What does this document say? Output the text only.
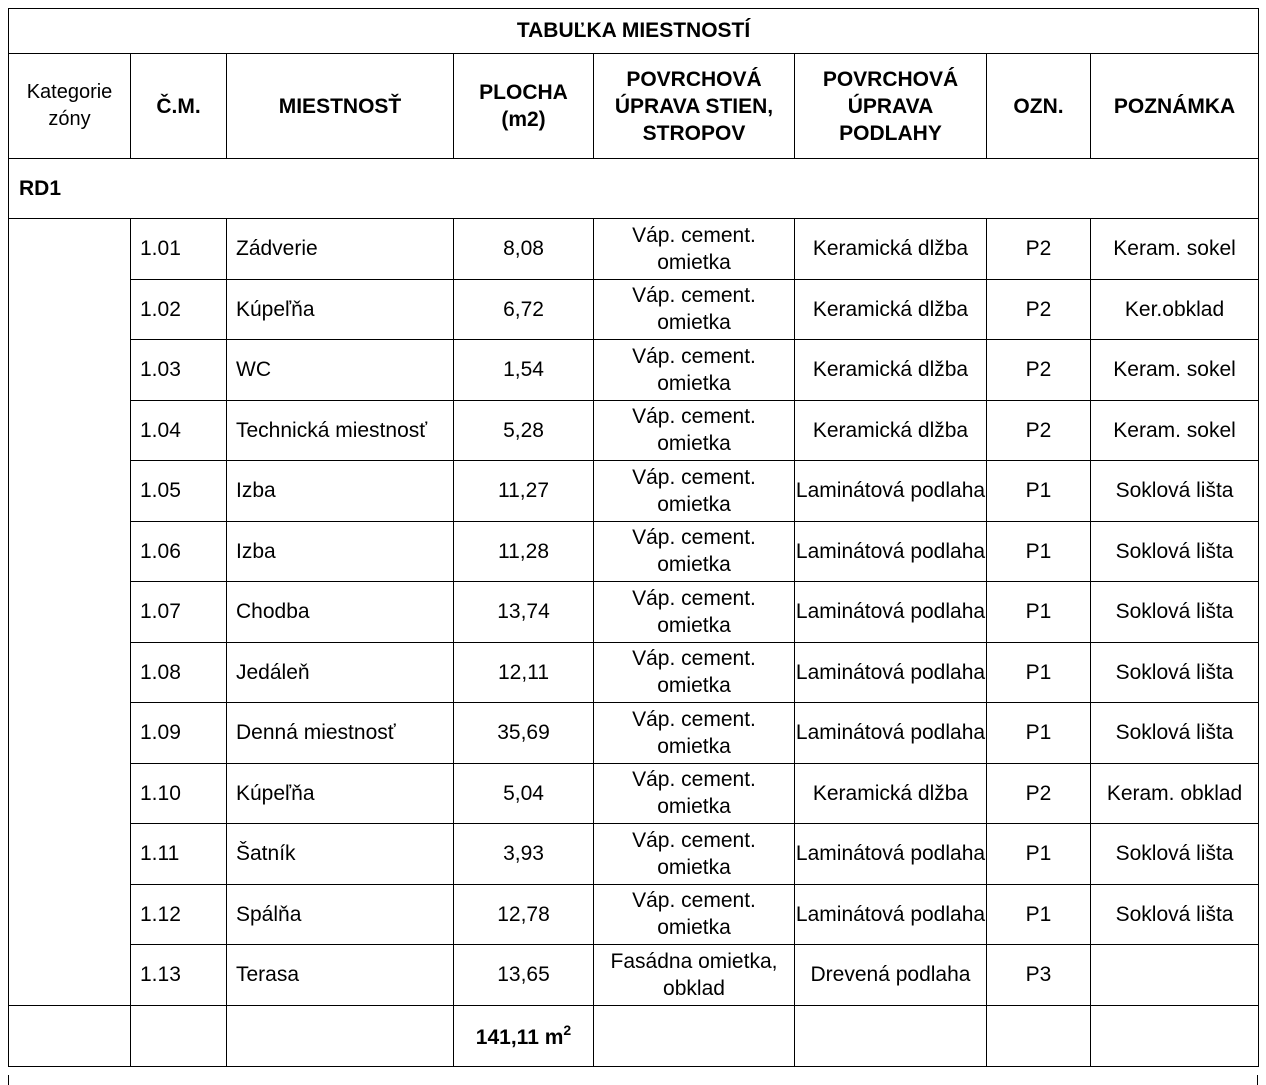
TABUĽKA MIESTNOSTÍ							
Kategorie zóny	Č.M.	MIESTNOSŤ	PLOCHA (m2)	POVRCHOVÁ ÚPRAVA STIEN, STROPOV	POVRCHOVÁ ÚPRAVA PODLAHY	OZN.	POZNÁMKA
RD1							
	1.01	Zádverie	8,08	Váp. cement. omietka	Keramická dlžba	P2	Keram. sokel
	1.02	Kúpeľňa	6,72	Váp. cement. omietka	Keramická dlžba	P2	Ker.obklad
	1.03	WC	1,54	Váp. cement. omietka	Keramická dlžba	P2	Keram. sokel
	1.04	Technická miestnosť	5,28	Váp. cement. omietka	Keramická dlžba	P2	Keram. sokel
	1.05	Izba	11,27	Váp. cement. omietka	Laminátová podlaha	P1	Soklová lišta
	1.06	Izba	11,28	Váp. cement. omietka	Laminátová podlaha	P1	Soklová lišta
	1.07	Chodba	13,74	Váp. cement. omietka	Laminátová podlaha	P1	Soklová lišta
	1.08	Jedáleň	12,11	Váp. cement. omietka	Laminátová podlaha	P1	Soklová lišta
	1.09	Denná miestnosť	35,69	Váp. cement. omietka	Laminátová podlaha	P1	Soklová lišta
	1.10	Kúpeľňa	5,04	Váp. cement. omietka	Keramická dlžba	P2	Keram. obklad
	1.11	Šatník	3,93	Váp. cement. omietka	Laminátová podlaha	P1	Soklová lišta
	1.12	Spálňa	12,78	Váp. cement. omietka	Laminátová podlaha	P1	Soklová lišta
	1.13	Terasa	13,65	Fasádna omietka, obklad	Drevená podlaha	P3	
			141,11 $m^2$				
